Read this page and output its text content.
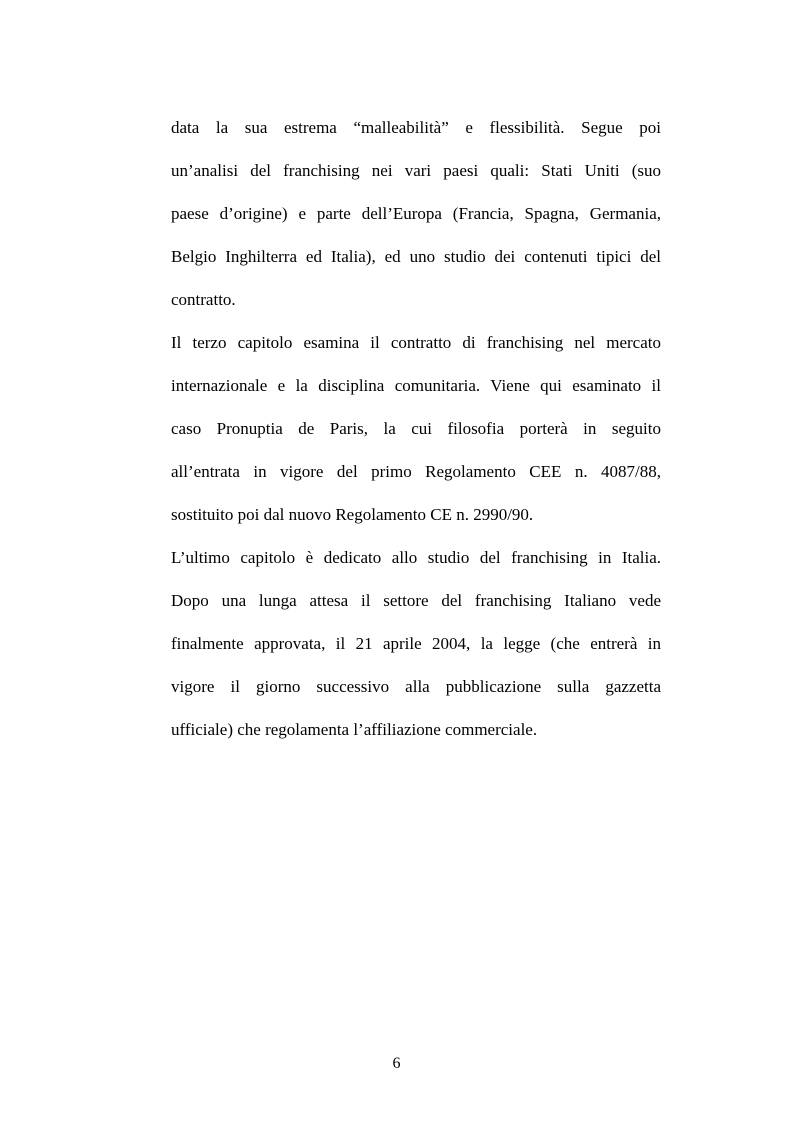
data la sua estrema “malleabilità” e flessibilità. Segue poi
un’analisi del franchising nei vari paesi quali: Stati Uniti (suo
paese d’origine) e parte dell’Europa (Francia, Spagna, Germania,
Belgio Inghilterra ed Italia), ed uno studio dei contenuti tipici del
contratto.
Il terzo capitolo esamina il contratto di franchising nel mercato
internazionale e la disciplina comunitaria. Viene qui esaminato il
caso Pronuptia de Paris, la cui filosofia porterà in seguito
all’entrata in vigore del primo Regolamento CEE n. 4087/88,
sostituito poi dal nuovo Regolamento CE n. 2990/90.
L’ultimo capitolo è dedicato allo studio del franchising in Italia.
Dopo una lunga attesa il settore del franchising Italiano vede
finalmente approvata, il 21 aprile 2004, la legge (che entrerà in
vigore il giorno successivo alla pubblicazione sulla gazzetta
ufficiale) che regolamenta l’affiliazione commerciale.
6
